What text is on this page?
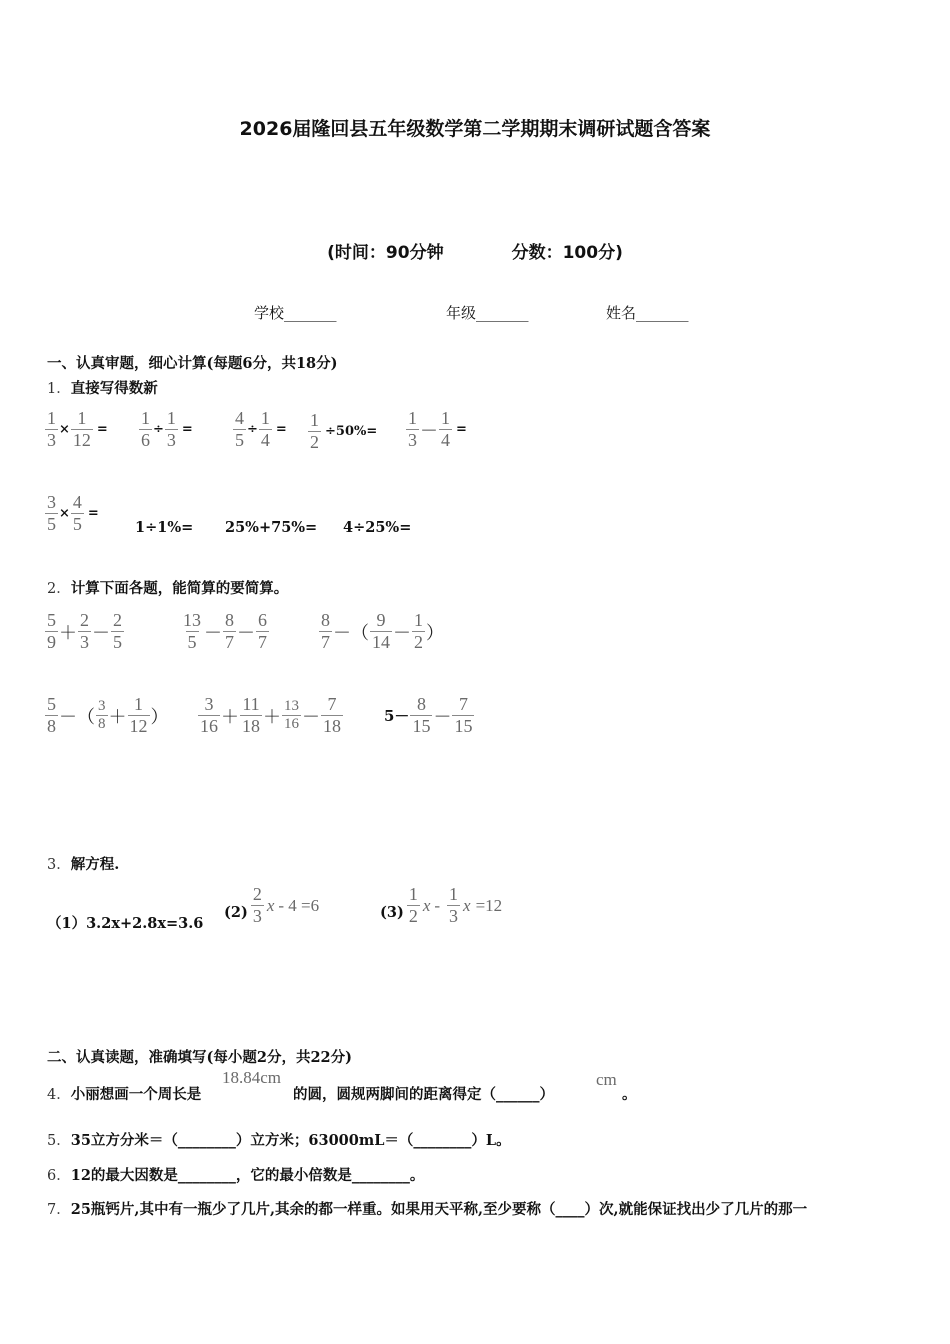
2026届隆回县五年级数学第二学期期末调研试题含答案
(时间：90分钟　　　　分数：100分)
学校_______	年级_______	姓名_______
一、认真审题，细心计算(每题6分，共18分)
1．直接写得数新
$\frac{1}{3} \times \frac{1}{12} = \frac{1}{6} \div \frac{1}{3} = \frac{4}{5} \div \frac{1}{4} = \frac{1}{2} \div 50\%= \frac{1}{3} - \frac{1}{4}$ =
$\frac{3}{5} \times \frac{4}{5}$ =
1÷1%= 25%+75%= 4÷25%=
2．计算下面各题，能简算的要简算。
$\frac{5}{9} + \frac{2}{3} - \frac{2}{5}$	$\frac{13}{5} - \frac{8}{7} - \frac{6}{7}$	$\frac{8}{7}$ －（ $\frac{9}{14} - \frac{1}{2}$ ）
$\frac{5}{8}$ －（ $\frac{3}{8} + \frac{1}{12}$ ） $\frac{3}{16} + \frac{11}{18} + \frac{13}{16} - \frac{7}{18}$	$5- \frac{8}{15} - \frac{7}{15}$
3．解方程.
（1）3.2x+2.8x=3.6
$(2) \frac{2}{3}$ x - 4 =6	$(3) \frac{1}{2}$ x - $\frac{1}{3}$ x =12
二、认真读题，准确填写(每小题2分，共22分)
4．小丽想画一个周长是
18.84cm
的圆，圆规两脚间的距离得定（______）
cm
。
5．35立方分米＝（________）立方米；63000mL＝（________）L。
6．12的最大因数是________，它的最小倍数是________。
7．25瓶钙片,其中有一瓶少了几片,其余的都一样重。如果用天平称,至少要称（____）次,就能保证找出少了几片的那一
